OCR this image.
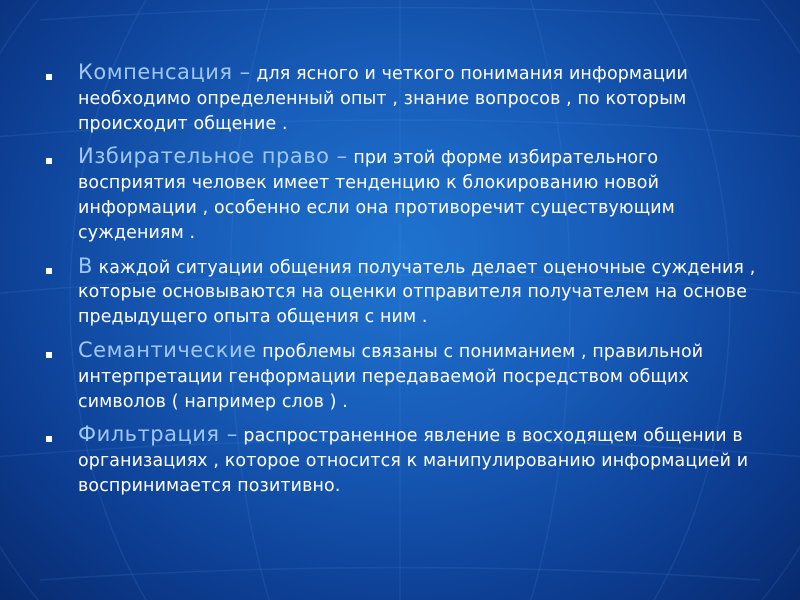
Компенсация – для ясного и четкого понимания информации необходимо определенный опыт , знание вопросов , по которым происходит общение .
Избирательное право – при этой форме избирательного восприятия человек имеет тенденцию к блокированию новой информации , особенно если она противоречит существующим суждениям .
В каждой ситуации общения получатель делает оценочные суждения , которые основываются на оценки отправителя получателем на основе предыдущего опыта общения с ним .
Семантические проблемы связаны с пониманием , правильной интерпретации генформации передаваемой посредством общих символов ( например слов ) .
Фильтрация – распространенное явление в восходящем общении в организациях , которое относится к манипулированию информацией и воспринимается позитивно.
